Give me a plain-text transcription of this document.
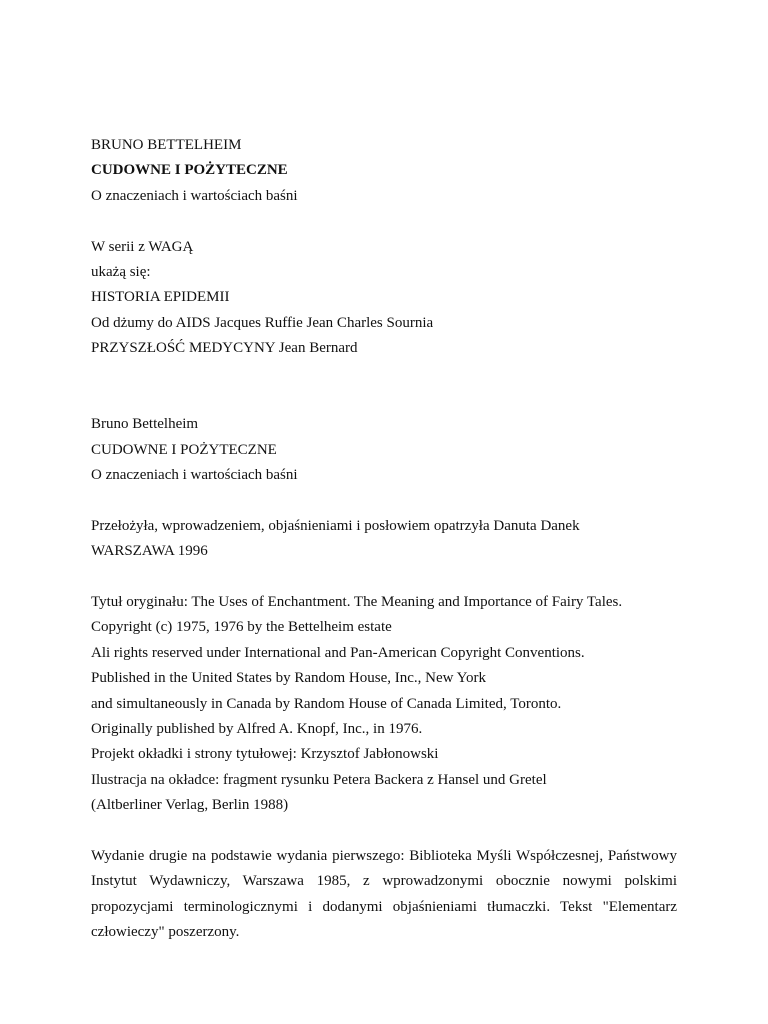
BRUNO BETTELHEIM
CUDOWNE I POŻYTECZNE
O znaczeniach i wartościach baśni
W serii z WAGĄ
ukażą się:
HISTORIA EPIDEMII
Od dżumy do AIDS Jacques Ruffie Jean Charles Sournia
PRZYSZŁOŚĆ MEDYCYNY Jean Bernard
Bruno Bettelheim
CUDOWNE I POŻYTECZNE
O znaczeniach i wartościach baśni
Przełożyła, wprowadzeniem, objaśnieniami i posłowiem opatrzyła Danuta Danek
WARSZAWA 1996
Tytuł oryginału: The Uses of Enchantment. The Meaning and Importance of Fairy Tales.
Copyright (c) 1975, 1976 by the Bettelheim estate
Ali rights reserved under International and Pan-American Copyright Conventions.
Published in the United States by Random House, Inc., New York
and simultaneously in Canada by Random House of Canada Limited, Toronto.
Originally published by Alfred A. Knopf, Inc., in 1976.
Projekt okładki i strony tytułowej: Krzysztof Jabłonowski
Ilustracja na okładce: fragment rysunku Petera Backera z Hansel und Gretel
(Altberliner Verlag, Berlin 1988)

Wydanie drugie na podstawie wydania pierwszego: Biblioteka Myśli Współczesnej, Państwowy Instytut Wydawniczy, Warszawa 1985, z wprowadzonymi obocznie nowymi polskimi propozycjami terminologicznymi i dodanymi objaśnieniami tłumaczki. Tekst "Elementarz człowieczy" poszerzony.
